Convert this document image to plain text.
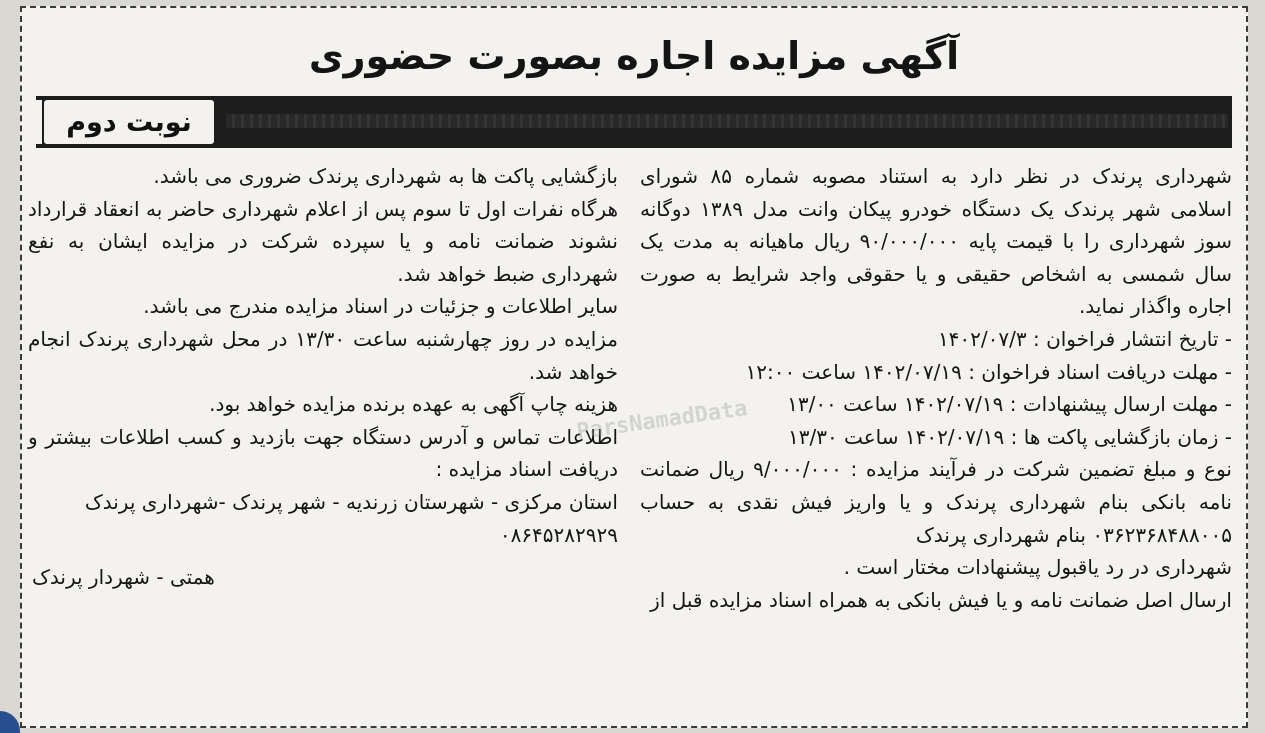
آگهی مزایده اجاره بصورت حضوری
نوبت دوم

شهرداری پرندک در نظر دارد به استناد مصوبه شماره ۸۵ شورای اسلامی شهر پرندک یک دستگاه خودرو پیکان وانت مدل ۱۳۸۹ دوگانه سوز شهرداری را با قیمت پایه ۹۰/۰۰۰/۰۰۰ ریال ماهیانه به مدت یک سال شمسی به اشخاص حقیقی و یا حقوقی واجد شرایط به صورت اجاره واگذار نماید.

- تاریخ انتشار فراخوان : ۱۴۰۲/۰۷/۳

- مهلت دریافت اسناد فراخوان : ۱۴۰۲/۰۷/۱۹ ساعت ۱۲:۰۰

- مهلت ارسال پیشنهادات : ۱۴۰۲/۰۷/۱۹ ساعت ۱۳/۰۰

- زمان بازگشایی پاکت ها : ۱۴۰۲/۰۷/۱۹ ساعت ۱۳/۳۰

نوع و مبلغ تضمین شرکت در فرآیند مزایده : ۹/۰۰۰/۰۰۰ ریال ضمانت نامه بانکی بنام شهرداری پرندک و یا واریز فیش نقدی به حساب ۰۳۶۲۳۶۸۴۸۸۰۰۵ بنام شهرداری پرندک

شهرداری در رد یاقبول پیشنهادات مختار است .

ارسال اصل ضمانت نامه و یا فیش بانکی به همراه اسناد مزایده قبل از

بازگشایی پاکت ها به شهرداری پرندک ضروری می باشد.

هرگاه نفرات اول تا سوم پس از اعلام شهرداری حاضر به انعقاد قرارداد نشوند ضمانت نامه و یا سپرده شرکت در مزایده ایشان به نفع شهرداری ضبط خواهد شد.

سایر اطلاعات و جزئیات در اسناد مزایده مندرج می باشد.

مزایده در روز چهارشنبه ساعت ۱۳/۳۰ در محل شهرداری پرندک انجام خواهد شد.

هزینه چاپ آگهی به عهده برنده مزایده خواهد بود.

اطلاعات تماس و آدرس دستگاه جهت بازدید و کسب اطلاعات بیشتر و دریافت اسناد مزایده :

استان مرکزی - شهرستان زرندیه - شهر پرندک -شهرداری پرندک

۰۸۶۴۵۲۸۲۹۲۹

همتی - شهردار پرندک

ParsNamadData
